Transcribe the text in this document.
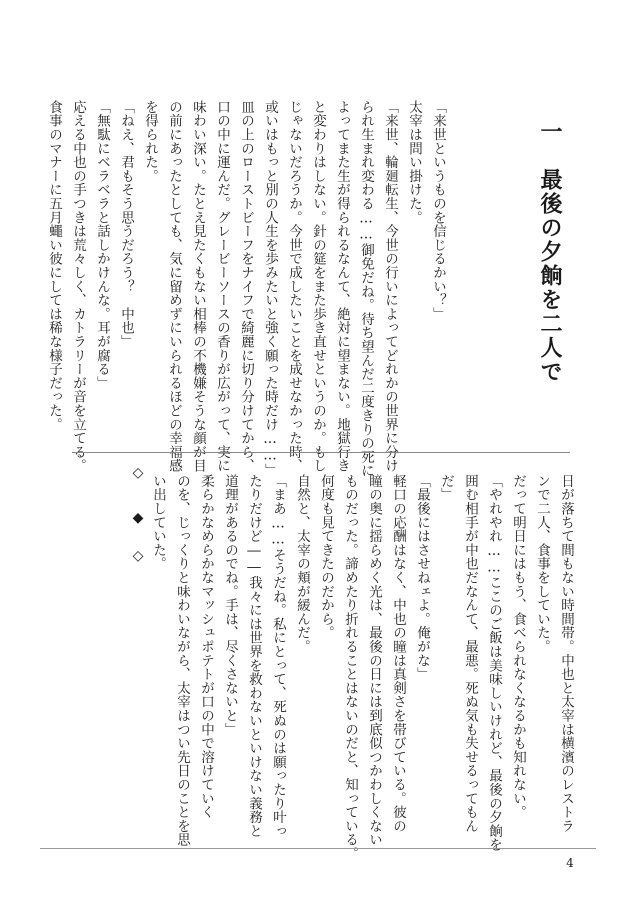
一　最後の夕餉を二人で

「来世というものを信じるかい？」

太宰は問い掛けた。

「来世、輪廻転生、今世の行いによってどれかの世界に分け

られ生まれ変わる……御免だね。待ち望んだ二度きりの死に

よってまた生が得られるなんて、絶対に望まない。地獄行き

と変わりはしない。針の筵をまた歩き直せというのか。もし

じゃないだろうか。今世で成したいことを成せなかった時、

或いはもっと別の人生を歩みたいと強く願った時だけ……」

皿の上のローストビーフをナイフで綺麗に切り分けてから、

口の中に運んだ。グレービーソースの香りが広がって、実に

味わい深い。たとえ見たくもない相棒の不機嫌そうな顔が目

の前にあったとしても、気に留めずにいられるほどの幸福感

を得られた。

「ねえ、君もそう思うだろう？　中也」

「無駄にベラベラと話しかけんな。耳が腐る」

応える中也の手つきは荒々しく、カトラリーが音を立てる。

食事のマナーに五月蠅い彼にしては稀な様子だった。

日が落ちて間もない時間帯。中也と太宰は横濱のレストラ

ンで二人、食事をしていた。

だって明日にはもう、食べられなくなるかも知れない。

「やれやれ……ここのご飯は美味しいけれど、最後の夕餉を

囲む相手が中也だなんて、最悪。死ぬ気も失せるってもん

だ」

「最後にはさせねェよ。俺がな」

軽口の応酬はなく、中也の瞳は真剣さを帯びている。彼の

瞳の奥に揺らめく光は、最後の日には到底似つかわしくない

ものだった。諦めたり折れることはないのだと、知っている。

何度も見てきたのだから。

自然と、太宰の頬が緩んだ。

「まあ……そうだね。私にとって、死ぬのは願ったり叶っ

たりだけど――我々には世界を救わないといけない義務と

道理があるのでね。手は、尽くさないと」

柔らかなめらかなマッシュポテトが口の中で溶けていく

のを、じっくりと味わいながら、太宰はつい先日のことを思

い出していた。

◇
◆
◇
4
